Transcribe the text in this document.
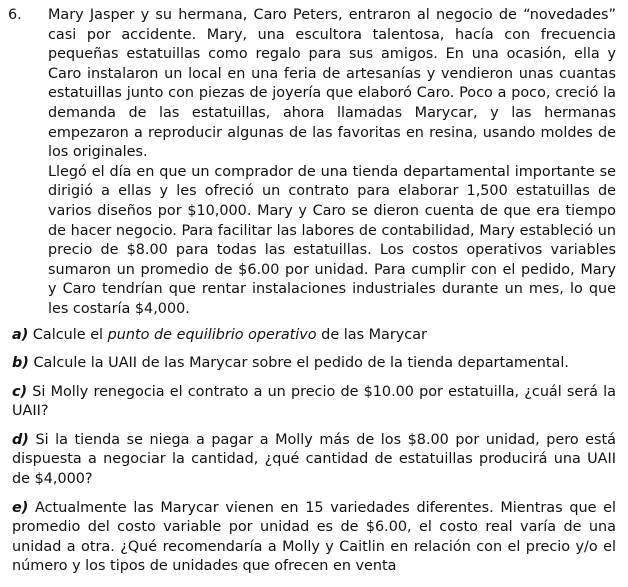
6.	Mary Jasper y su hermana, Caro Peters, entraron al negocio de “novedades” casi por accidente. Mary, una escultora talentosa, hacía con frecuencia pequeñas estatuillas como regalo para sus amigos. En una ocasión, ella y Caro instalaron un local en una feria de artesanías y vendieron unas cuantas estatuillas junto con piezas de joyería que elaboró Caro. Poco a poco, creció la demanda de las estatuillas, ahora llamadas Marycar, y las hermanas empezaron a reproducir algunas de las favoritas en resina, usando moldes de los originales.

Llegó el día en que un comprador de una tienda departamental importante se dirigió a ellas y les ofreció un contrato para elaborar 1,500 estatuillas de varios diseños por $10,000. Mary y Caro se dieron cuenta de que era tiempo de hacer negocio. Para facilitar las labores de contabilidad, Mary estableció un precio de $8.00 para todas las estatuillas. Los costos operativos variables sumaron un promedio de $6.00 por unidad. Para cumplir con el pedido, Mary y Caro tendrían que rentar instalaciones industriales durante un mes, lo que les costaría $4,000.

a) Calcule el punto de equilibrio operativo de las Marycar

b) Calcule la UAII de las Marycar sobre el pedido de la tienda departamental.

c) Si Molly renegocia el contrato a un precio de $10.00 por estatuilla, ¿cuál será la UAII?

d) Si la tienda se niega a pagar a Molly más de los $8.00 por unidad, pero está dispuesta a negociar la cantidad, ¿qué cantidad de estatuillas producirá una UAII de $4,000?

e) Actualmente las Marycar vienen en 15 variedades diferentes. Mientras que el promedio del costo variable por unidad es de $6.00, el costo real varía de una unidad a otra. ¿Qué recomendaría a Molly y Caitlin en relación con el precio y/o el número y los tipos de unidades que ofrecen en venta
